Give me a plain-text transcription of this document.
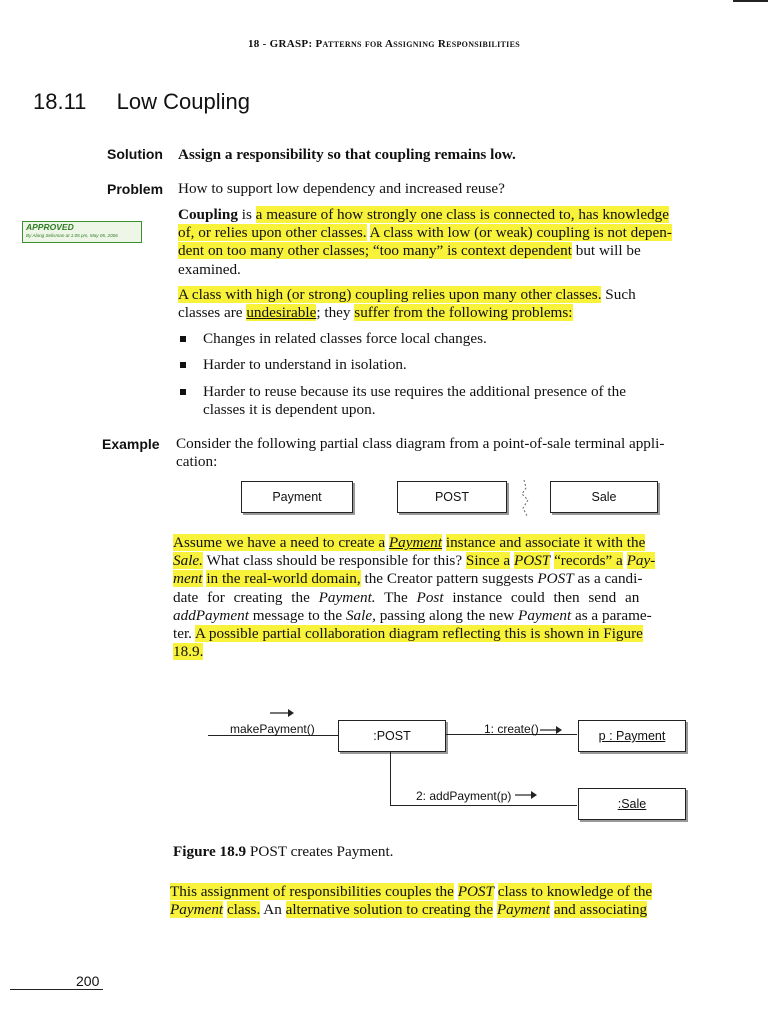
18 - GRASP: Patterns for Assigning Responsibilities
18.11 Low Coupling
Solution Assign a responsibility so that coupling remains low.
Problem How to support low dependency and increased reuse?
APPROVED
By Alang Selisman at 1:05 pm, May 05, 2006
Coupling is a measure of how strongly one class is connected to, has knowledge
of, or relies upon other classes. A class with low (or weak) coupling is not depen-
dent on too many other classes; “too many” is context dependent but will be
examined.
A class with high (or strong) coupling relies upon many other classes. Such
classes are undesirable; they suffer from the following problems:
Changes in related classes force local changes.
Harder to understand in isolation.
Harder to reuse because its use requires the additional presence of the
classes it is dependent upon.
Example Consider the following partial class diagram from a point-of-sale terminal appli-
cation:
Payment	POST	Sale
Assume we have a need to create a Payment instance and associate it with the
Sale. What class should be responsible for this? Since a POST “records” a Pay-
ment in the real-world domain, the Creator pattern suggests POST as a candi-
date for creating the Payment. The Post instance could then send an
addPayment message to the Sale, passing along the new Payment as a parame-
ter. A possible partial collaboration diagram reflecting this is shown in Figure
18.9.
makePayment()	:POST	1: create()	p : Payment
2: addPayment(p)
:Sale
Figure 18.9 POST creates Payment.
This assignment of responsibilities couples the POST class to knowledge of the
Payment class. An alternative solution to creating the Payment and associating
200
